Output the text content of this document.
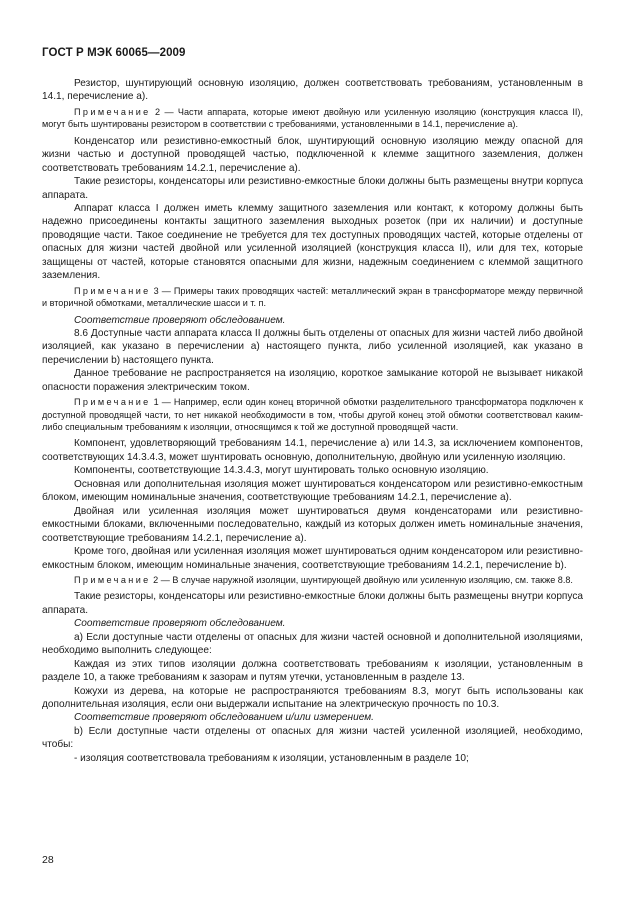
ГОСТ Р МЭК 60065—2009

Резистор, шунтирующий основную изоляцию, должен соответствовать требованиям, установленным в 14.1, перечисление а).

Примечание 2 — Части аппарата, которые имеют двойную или усиленную изоляцию (конструкция класса II), могут быть шунтированы резистором в соответствии с требованиями, установленными в 14.1, перечисление а).

Конденсатор или резистивно-емкостный блок, шунтирующий основную изоляцию между опасной для жизни частью и доступной проводящей частью, подключенной к клемме защитного заземления, должен соответствовать требованиям 14.2.1, перечисление а).

Такие резисторы, конденсаторы или резистивно-емкостные блоки должны быть размещены внутри корпуса аппарата.

Аппарат класса I должен иметь клемму защитного заземления или контакт, к которому должны быть надежно присоединены контакты защитного заземления выходных розеток (при их наличии) и доступные проводящие части. Такое соединение не требуется для тех доступных проводящих частей, которые отделены от опасных для жизни частей двойной или усиленной изоляцией (конструкция класса II), или для тех, которые защищены от частей, которые становятся опасными для жизни, надежным соединением с клеммой защитного заземления.

Примечание 3 — Примеры таких проводящих частей: металлический экран в трансформаторе между первичной и вторичной обмотками, металлические шасси и т. п.

Соответствие проверяют обследованием.

8.6 Доступные части аппарата класса II должны быть отделены от опасных для жизни частей либо двойной изоляцией, как указано в перечислении а) настоящего пункта, либо усиленной изоляцией, как указано в перечислении b) настоящего пункта.

Данное требование не распространяется на изоляцию, короткое замыкание которой не вызывает никакой опасности поражения электрическим током.

Примечание 1 — Например, если один конец вторичной обмотки разделительного трансформатора подключен к доступной проводящей части, то нет никакой необходимости в том, чтобы другой конец этой обмотки соответствовал каким-либо специальным требованиям к изоляции, относящимся к той же доступной проводящей части.

Компонент, удовлетворяющий требованиям 14.1, перечисление а) или 14.3, за исключением компонентов, соответствующих 14.3.4.3, может шунтировать основную, дополнительную, двойную или усиленную изоляцию.

Компоненты, соответствующие 14.3.4.3, могут шунтировать только основную изоляцию.

Основная или дополнительная изоляция может шунтироваться конденсатором или резистивно-емкостным блоком, имеющим номинальные значения, соответствующие требованиям 14.2.1, перечисление а).

Двойная или усиленная изоляция может шунтироваться двумя конденсаторами или резистивно-емкостными блоками, включенными последовательно, каждый из которых должен иметь номинальные значения, соответствующие требованиям 14.2.1, перечисление а).

Кроме того, двойная или усиленная изоляция может шунтироваться одним конденсатором или резистивно-емкостным блоком, имеющим номинальные значения, соответствующие требованиям 14.2.1, перечисление b).

Примечание 2 — В случае наружной изоляции, шунтирующей двойную или усиленную изоляцию, см. также 8.8.

Такие резисторы, конденсаторы или резистивно-емкостные блоки должны быть размещены внутри корпуса аппарата.

Соответствие проверяют обследованием.

а) Если доступные части отделены от опасных для жизни частей основной и дополнительной изоляциями, необходимо выполнить следующее:

Каждая из этих типов изоляции должна соответствовать требованиям к изоляции, установленным в разделе 10, а также требованиям к зазорам и путям утечки, установленным в разделе 13.

Кожухи из дерева, на которые не распространяются требованиям 8.3, могут быть использованы как дополнительная изоляция, если они выдержали испытание на электрическую прочность по 10.3.

Соответствие проверяют обследованием и/или измерением.

b) Если доступные части отделены от опасных для жизни частей усиленной изоляцией, необходимо, чтобы:

- изоляция соответствовала требованиям к изоляции, установленным в разделе 10;

28
